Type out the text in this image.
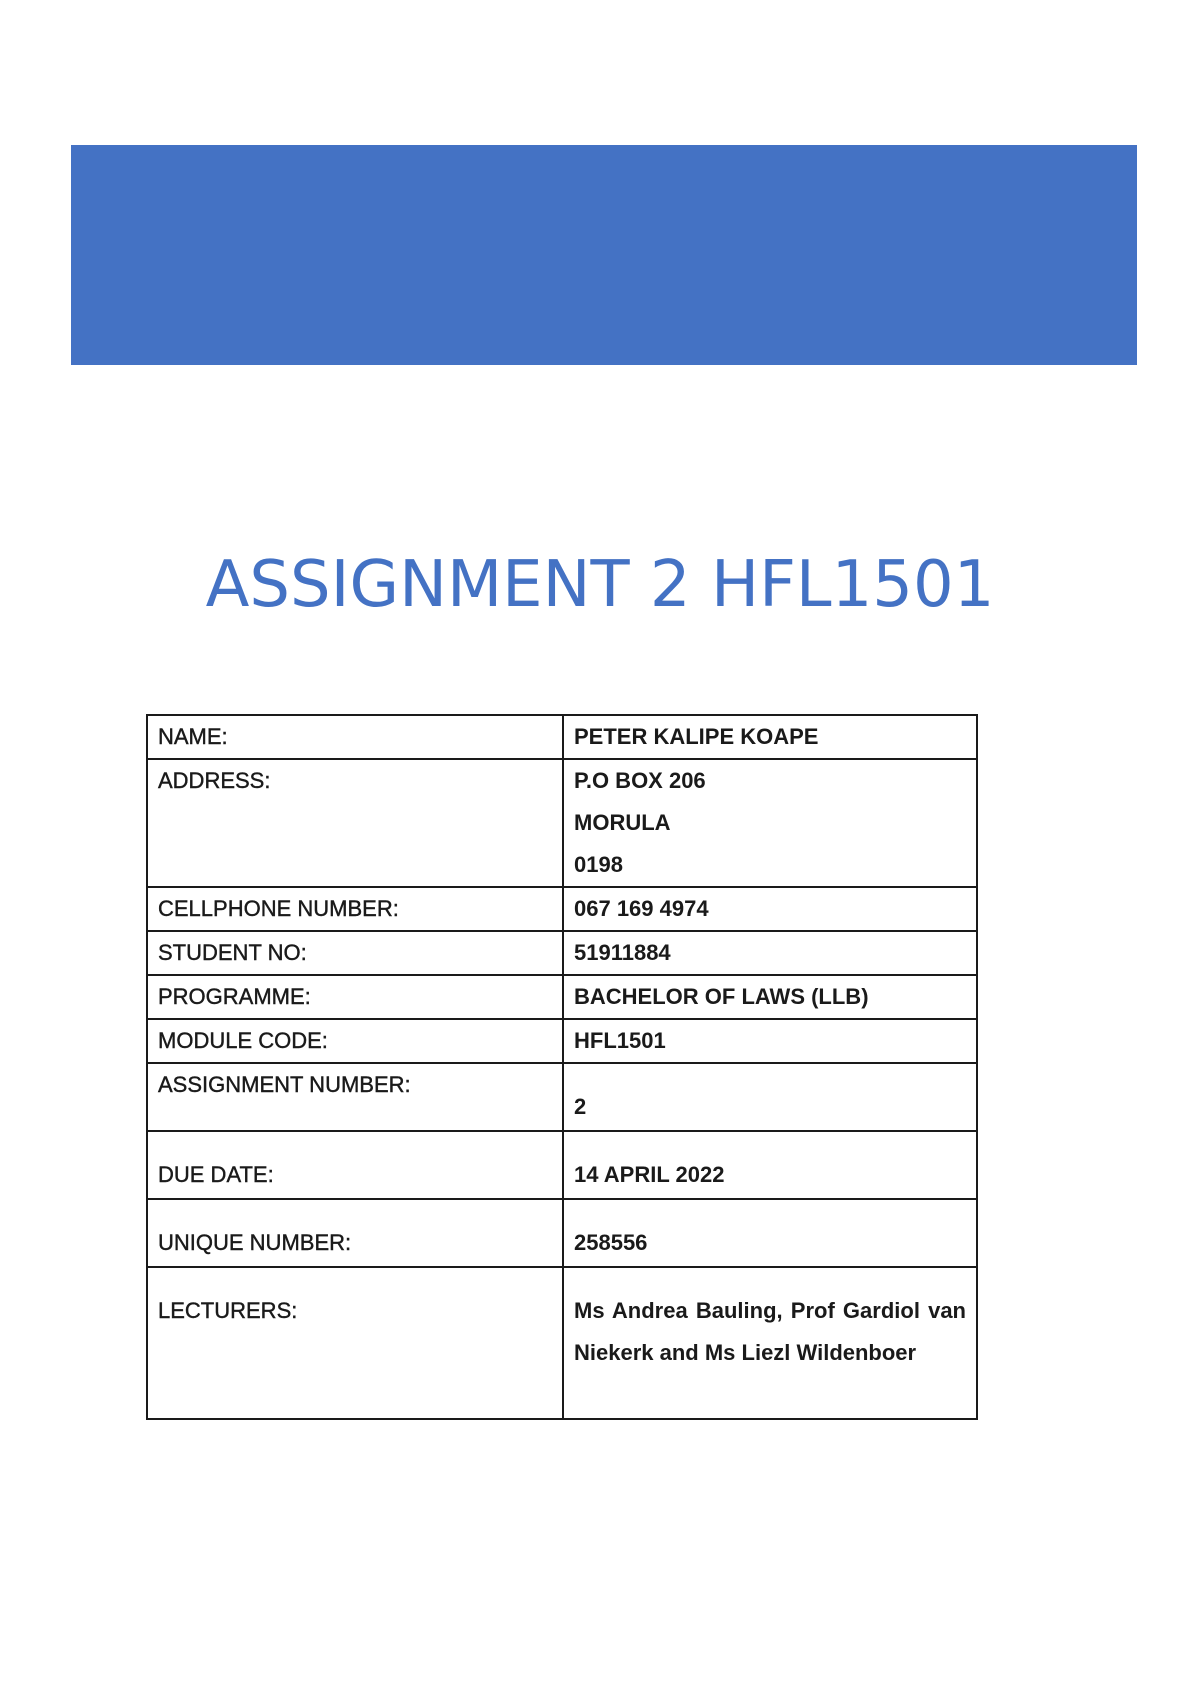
ASSIGNMENT 2 HFL1501
NAME:	PETER KALIPE KOAPE
ADDRESS:	P.O BOX 206
MORULA
0198

CELLPHONE NUMBER:	067 169 4974
STUDENT NO:	51911884
PROGRAMME:	BACHELOR OF LAWS (LLB)
MODULE CODE:	HFL1501
ASSIGNMENT NUMBER:	2

DUE DATE:	14 APRIL 2022

UNIQUE NUMBER:	258556

LECTURERS:	Ms Andrea Bauling, Prof Gardiol van Niekerk and Ms Liezl Wildenboer
